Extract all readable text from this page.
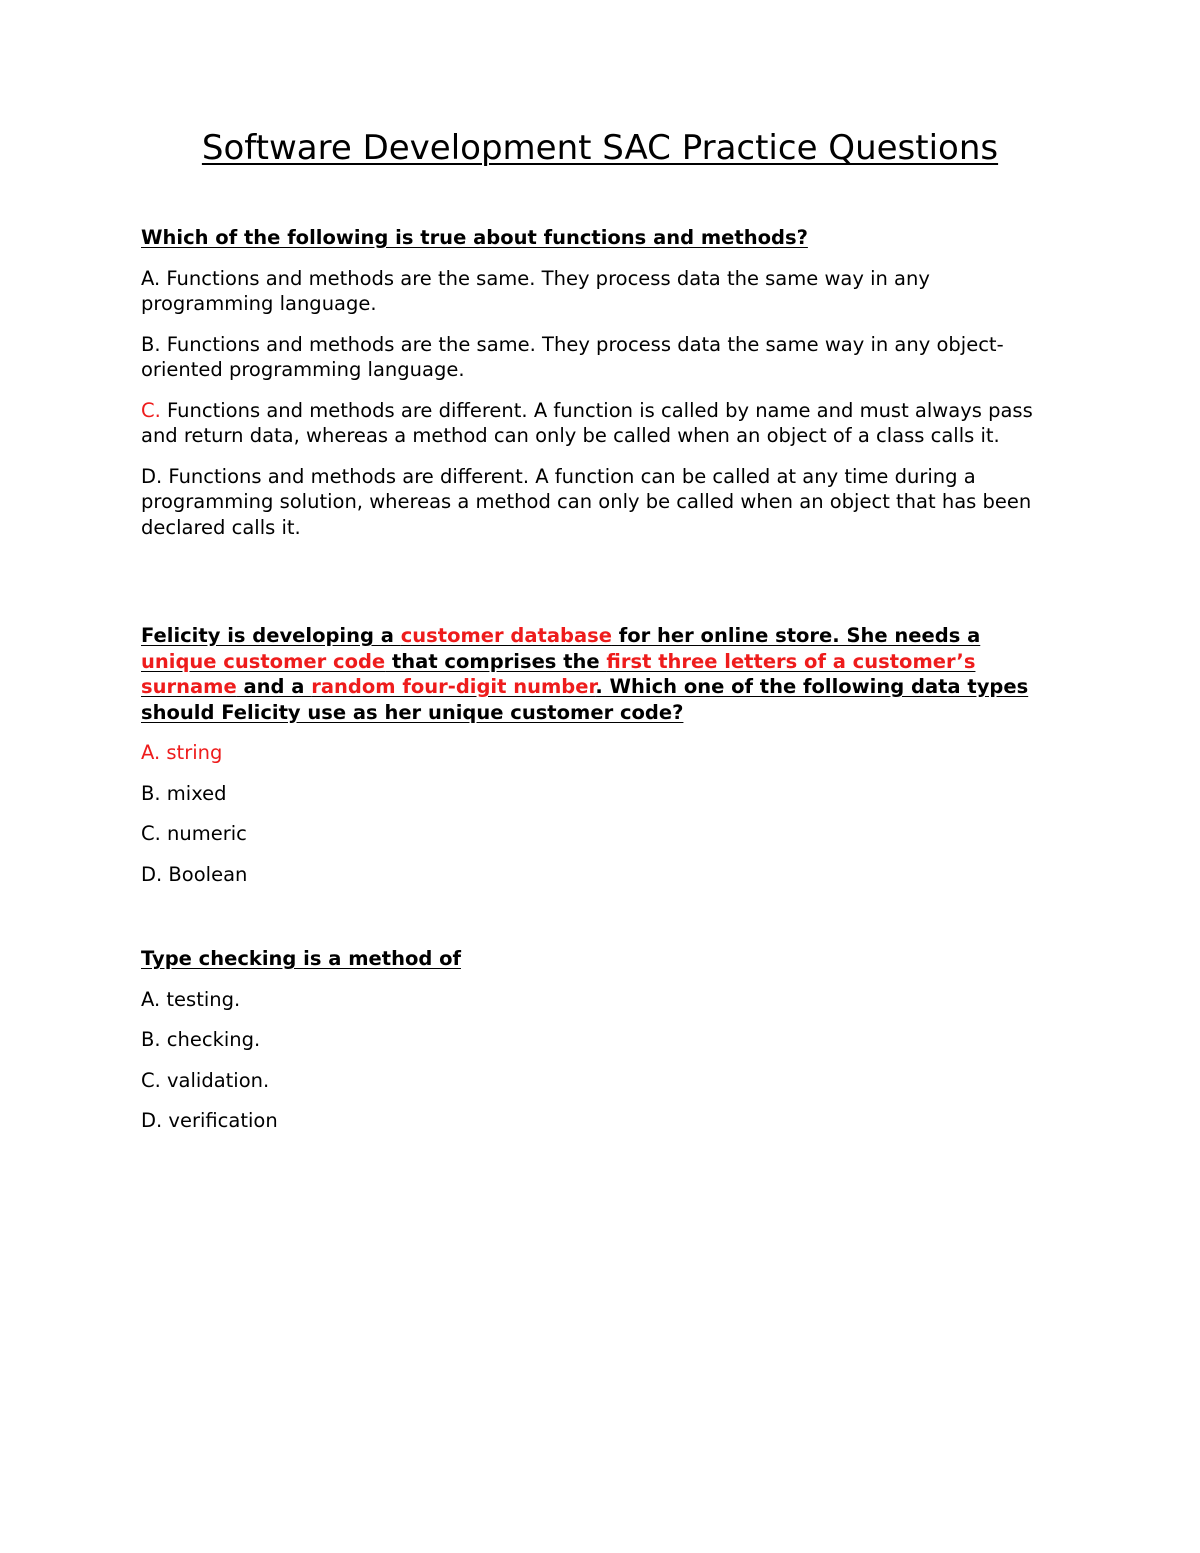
Software Development SAC Practice Questions

Which of the following is true about functions and methods?

A. Functions and methods are the same. They process data the same way in any programming language.

B. Functions and methods are the same. They process data the same way in any object-oriented programming language.

C. Functions and methods are different. A function is called by name and must always pass and return data, whereas a method can only be called when an object of a class calls it.

D. Functions and methods are different. A function can be called at any time during a programming solution, whereas a method can only be called when an object that has been declared calls it.

Felicity is developing a customer database for her online store. She needs a unique customer code that comprises the first three letters of a customer’s surname and a random four-digit number. Which one of the following data types should Felicity use as her unique customer code?

A. string

B. mixed

C. numeric

D. Boolean

Type checking is a method of

A. testing.

B. checking.

C. validation.

D. verification
